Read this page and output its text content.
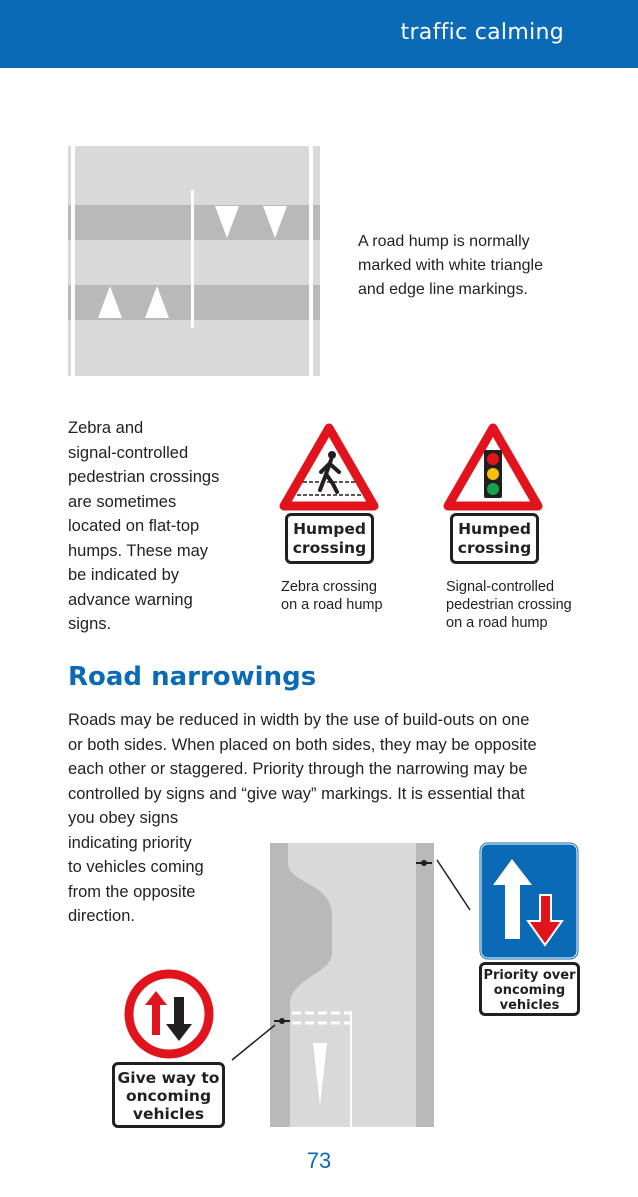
traffic calming
A road hump is normally
marked with white triangle
and edge line markings.
Zebra and
signal-controlled
pedestrian crossings
are sometimes
located on flat-top
humps. These may
be indicated by
advance warning
signs.
Humped
crossing
Zebra crossing
on a road hump
Humped
crossing
Signal-controlled
pedestrian crossing
on a road hump
Road narrowings
Roads may be reduced in width by the use of build-outs on one
or both sides. When placed on both sides, they may be opposite
each other or staggered. Priority through the narrowing may be
controlled by signs and “give way” markings. It is essential that
you obey signs
indicating priority
to vehicles coming
from the opposite
direction.
Priority over
oncoming
vehicles
Give way to
oncoming
vehicles
73
